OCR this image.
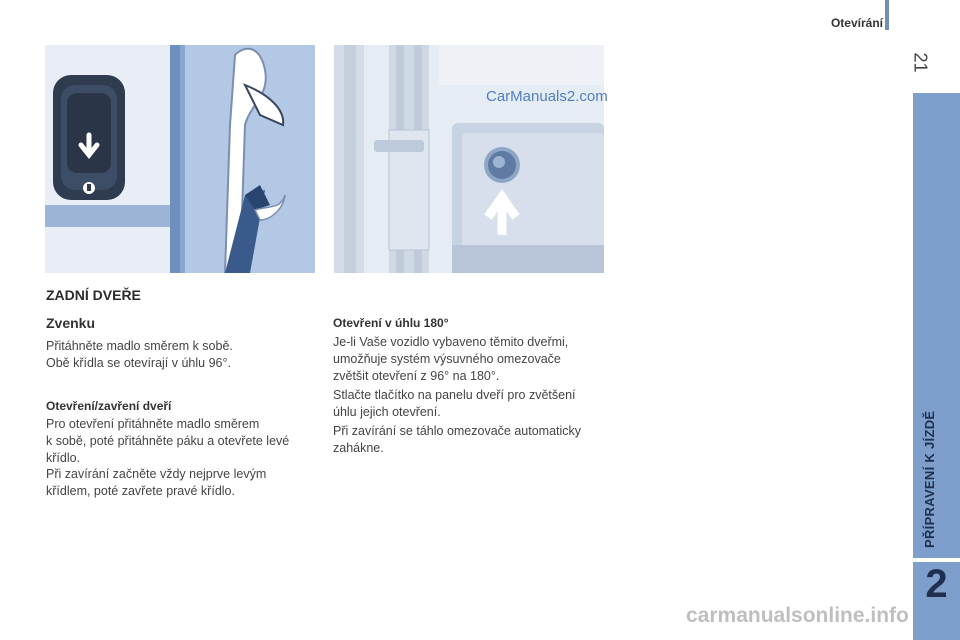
Otevírání
21
PŘÍPRAVENÍ K JÍZDĚ
2
CarManuals2.com
ZADNÍ DVEŘE
Zvenku
Přitáhněte madlo směrem k sobě.
Obě křídla se otevírají v úhlu 96°.
Otevření/zavření dveří
Pro otevření přitáhněte madlo směrem
k sobě, poté přitáhněte páku a otevřete levé
křídlo.
Při zavírání začněte vždy nejprve levým
křídlem, poté zavřete pravé křídlo.
Otevření v úhlu 180°
Je-li Vaše vozidlo vybaveno těmito dveřmi,
umožňuje systém výsuvného omezovače
zvětšit otevření z 96° na 180°.
Stlačte tlačítko na panelu dveří pro zvětšení
úhlu jejich otevření.
Při zavírání se táhlo omezovače automaticky
zahákne.
carmanualsonline.info
